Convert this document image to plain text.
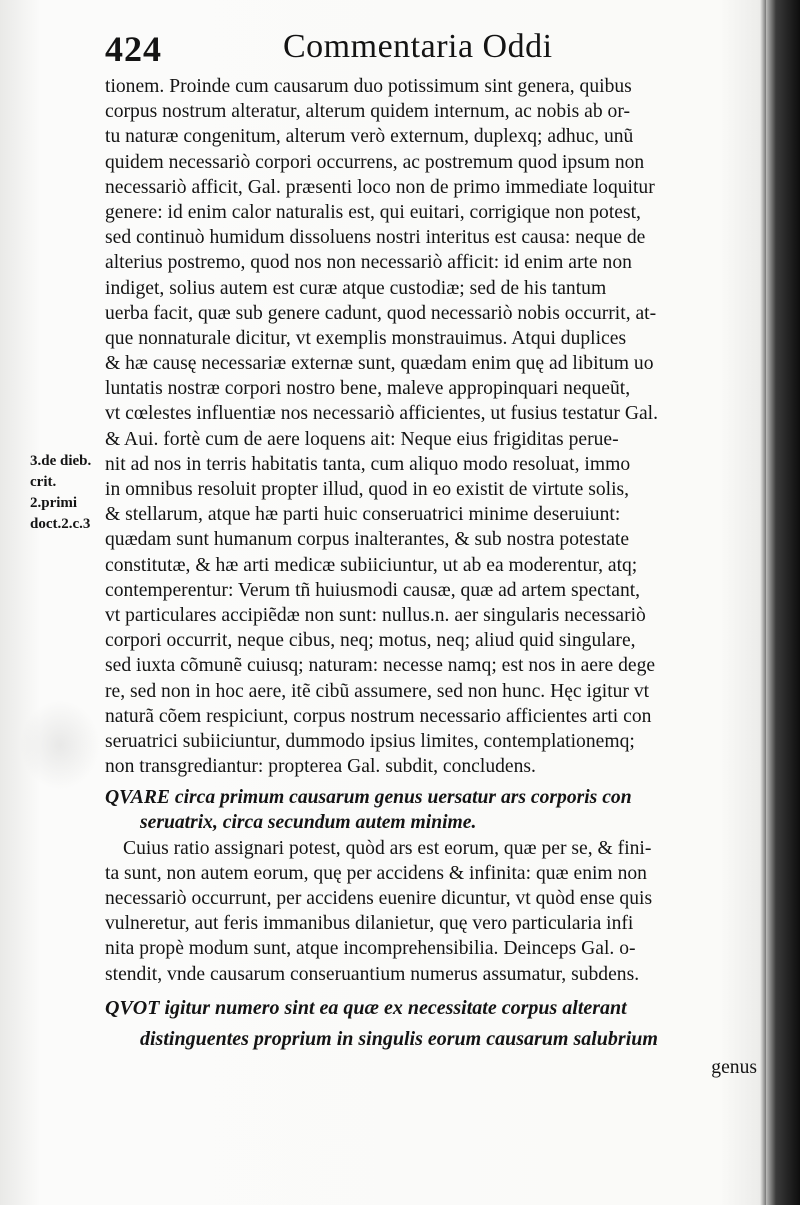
424	Commentaria Oddi
3.de dieb.
crit.
2.primi
doct.2.c.3
tionem. Proinde cum causarum duo potissimum sint genera, quibus
corpus nostrum alteratur, alterum quidem internum, ac nobis ab or-
tu naturæ congenitum, alterum verò externum, duplexq; adhuc, unũ
quidem necessariò corpori occurrens, ac postremum quod ipsum non
necessariò afficit, Gal. præsenti loco non de primo immediate loquitur
genere: id enim calor naturalis est, qui euitari, corrigique non potest,
sed continuò humidum dissoluens nostri interitus est causa: neque de
alterius postremo, quod nos non necessariò afficit: id enim arte non
indiget, solius autem est curæ atque custodiæ; sed de his tantum
uerba facit, quæ sub genere cadunt, quod necessariò nobis occurrit, at-
que nonnaturale dicitur, vt exemplis monstrauimus. Atqui duplices
& hæ causę necessariæ externæ sunt, quædam enim quę ad libitum uo
luntatis nostræ corpori nostro bene, maleve appropinquari nequeũt,
vt cœlestes influentiæ nos necessariò afficientes, ut fusius testatur Gal.
& Aui. fortè cum de aere loquens ait: Neque eius frigiditas perue-
nit ad nos in terris habitatis tanta, cum aliquo modo resoluat, immo
in omnibus resoluit propter illud, quod in eo existit de virtute solis,
& stellarum, atque hæ parti huic conseruatrici minime deseruiunt:
quædam sunt humanum corpus inalterantes, & sub nostra potestate
constitutæ, & hæ arti medicæ subiiciuntur, ut ab ea moderentur, atq;
contemperentur: Verum tñ huiusmodi causæ, quæ ad artem spectant,
vt particulares accipiẽdæ non sunt: nullus.n. aer singularis necessariò
corpori occurrit, neque cibus, neq; motus, neq; aliud quid singulare,
sed iuxta cõmunẽ cuiusq; naturam: necesse namq; est nos in aere dege
re, sed non in hoc aere, itẽ cibũ assumere, sed non hunc. Hęc igitur vt
naturã cõem respiciunt, corpus nostrum necessario afficientes arti con
seruatrici subiiciuntur, dummodo ipsius limites, contemplationemq;
non transgrediantur: propterea Gal. subdit, concludens.
QVARE circa primum causarum genus uersatur ars corporis con
seruatrix, circa secundum autem minime.
Cuius ratio assignari potest, quòd ars est eorum, quæ per se, & fini-
ta sunt, non autem eorum, quę per accidens & infinita: quæ enim non
necessariò occurrunt, per accidens euenire dicuntur, vt quòd ense quis
vulneretur, aut feris immanibus dilanietur, quę vero particularia infi
nita propè modum sunt, atque incomprehensibilia. Deinceps Gal. o-
stendit, vnde causarum conseruantium numerus assumatur, subdens.
QVOT igitur numero sint ea quæ ex necessitate corpus alterant
distinguentes proprium in singulis eorum causarum salubrium
genus
